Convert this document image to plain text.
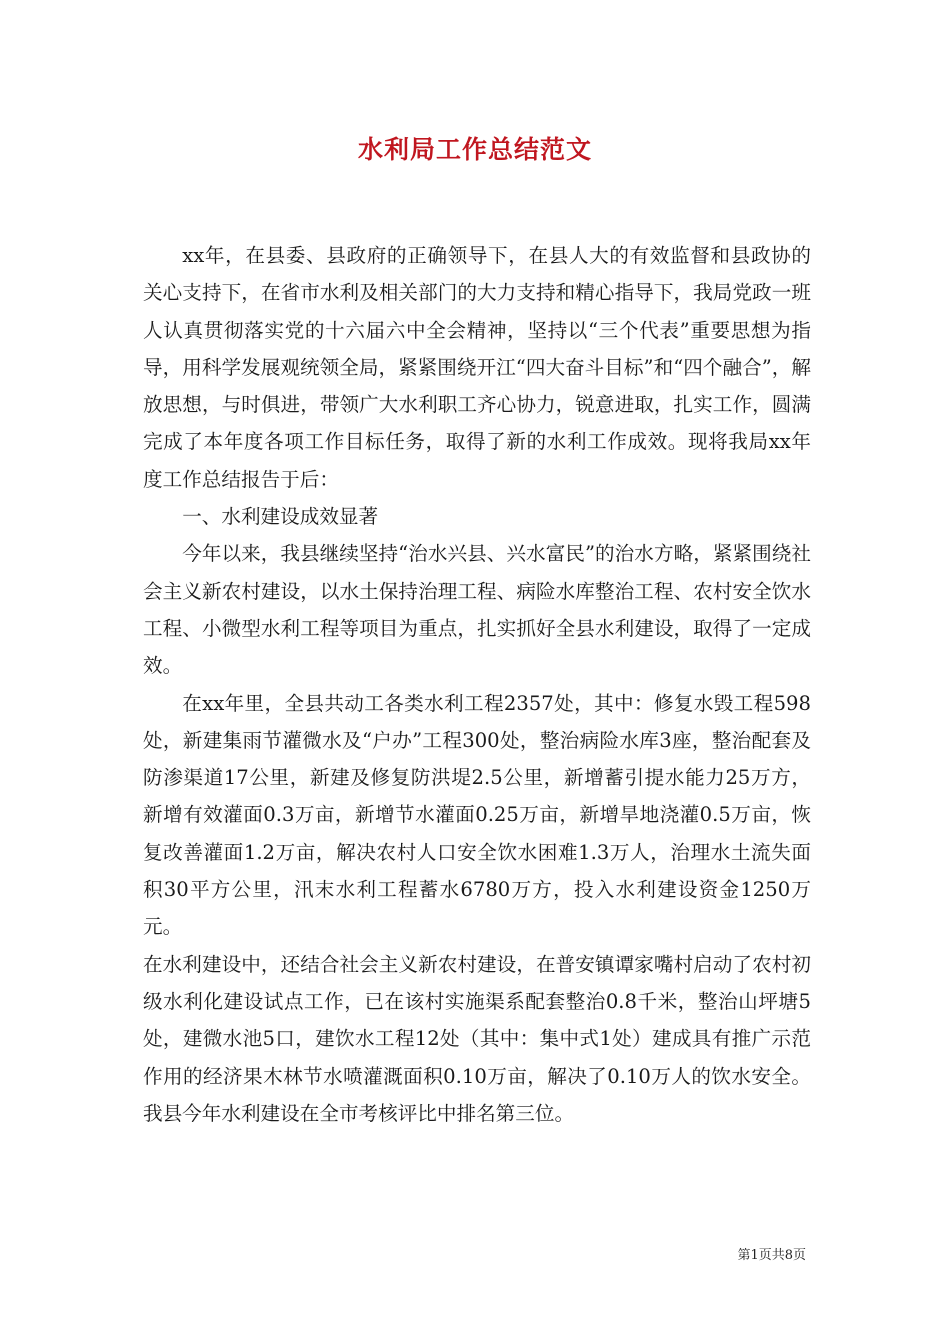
水利局工作总结范文

xx年，在县委、县政府的正确领导下，在县人大的有效监督和县政协的关心支持下，在省市水利及相关部门的大力支持和精心指导下，我局党政一班人认真贯彻落实党的十六届六中全会精神，坚持以“三个代表”重要思想为指导，用科学发展观统领全局，紧紧围绕开江“四大奋斗目标”和“四个融合”，解放思想，与时俱进，带领广大水利职工齐心协力，锐意进取，扎实工作，圆满完成了本年度各项工作目标任务，取得了新的水利工作成效。现将我局xx年度工作总结报告于后：

一、水利建设成效显著

今年以来，我县继续坚持“治水兴县、兴水富民”的治水方略，紧紧围绕社会主义新农村建设，以水土保持治理工程、病险水库整治工程、农村安全饮水工程、小微型水利工程等项目为重点，扎实抓好全县水利建设，取得了一定成效。

在xx年里，全县共动工各类水利工程2357处，其中：修复水毁工程598处，新建集雨节灌微水及“户办”工程300处，整治病险水库3座，整治配套及防渗渠道17公里，新建及修复防洪堤2.5公里，新增蓄引提水能力25万方，新增有效灌面0.3万亩，新增节水灌面0.25万亩，新增旱地浇灌0.5万亩，恢复改善灌面1.2万亩，解决农村人口安全饮水困难1.3万人，治理水土流失面积30平方公里，汛末水利工程蓄水6780万方，投入水利建设资金1250万元。

在水利建设中，还结合社会主义新农村建设，在普安镇谭家嘴村启动了农村初级水利化建设试点工作，已在该村实施渠系配套整治0.8千米，整治山坪塘5处，建微水池5口，建饮水工程12处（其中：集中式1处）建成具有推广示范作用的经济果木林节水喷灌溉面积0.10万亩，解决了0.10万人的饮水安全。我县今年水利建设在全市考核评比中排名第三位。

第1页共8页
